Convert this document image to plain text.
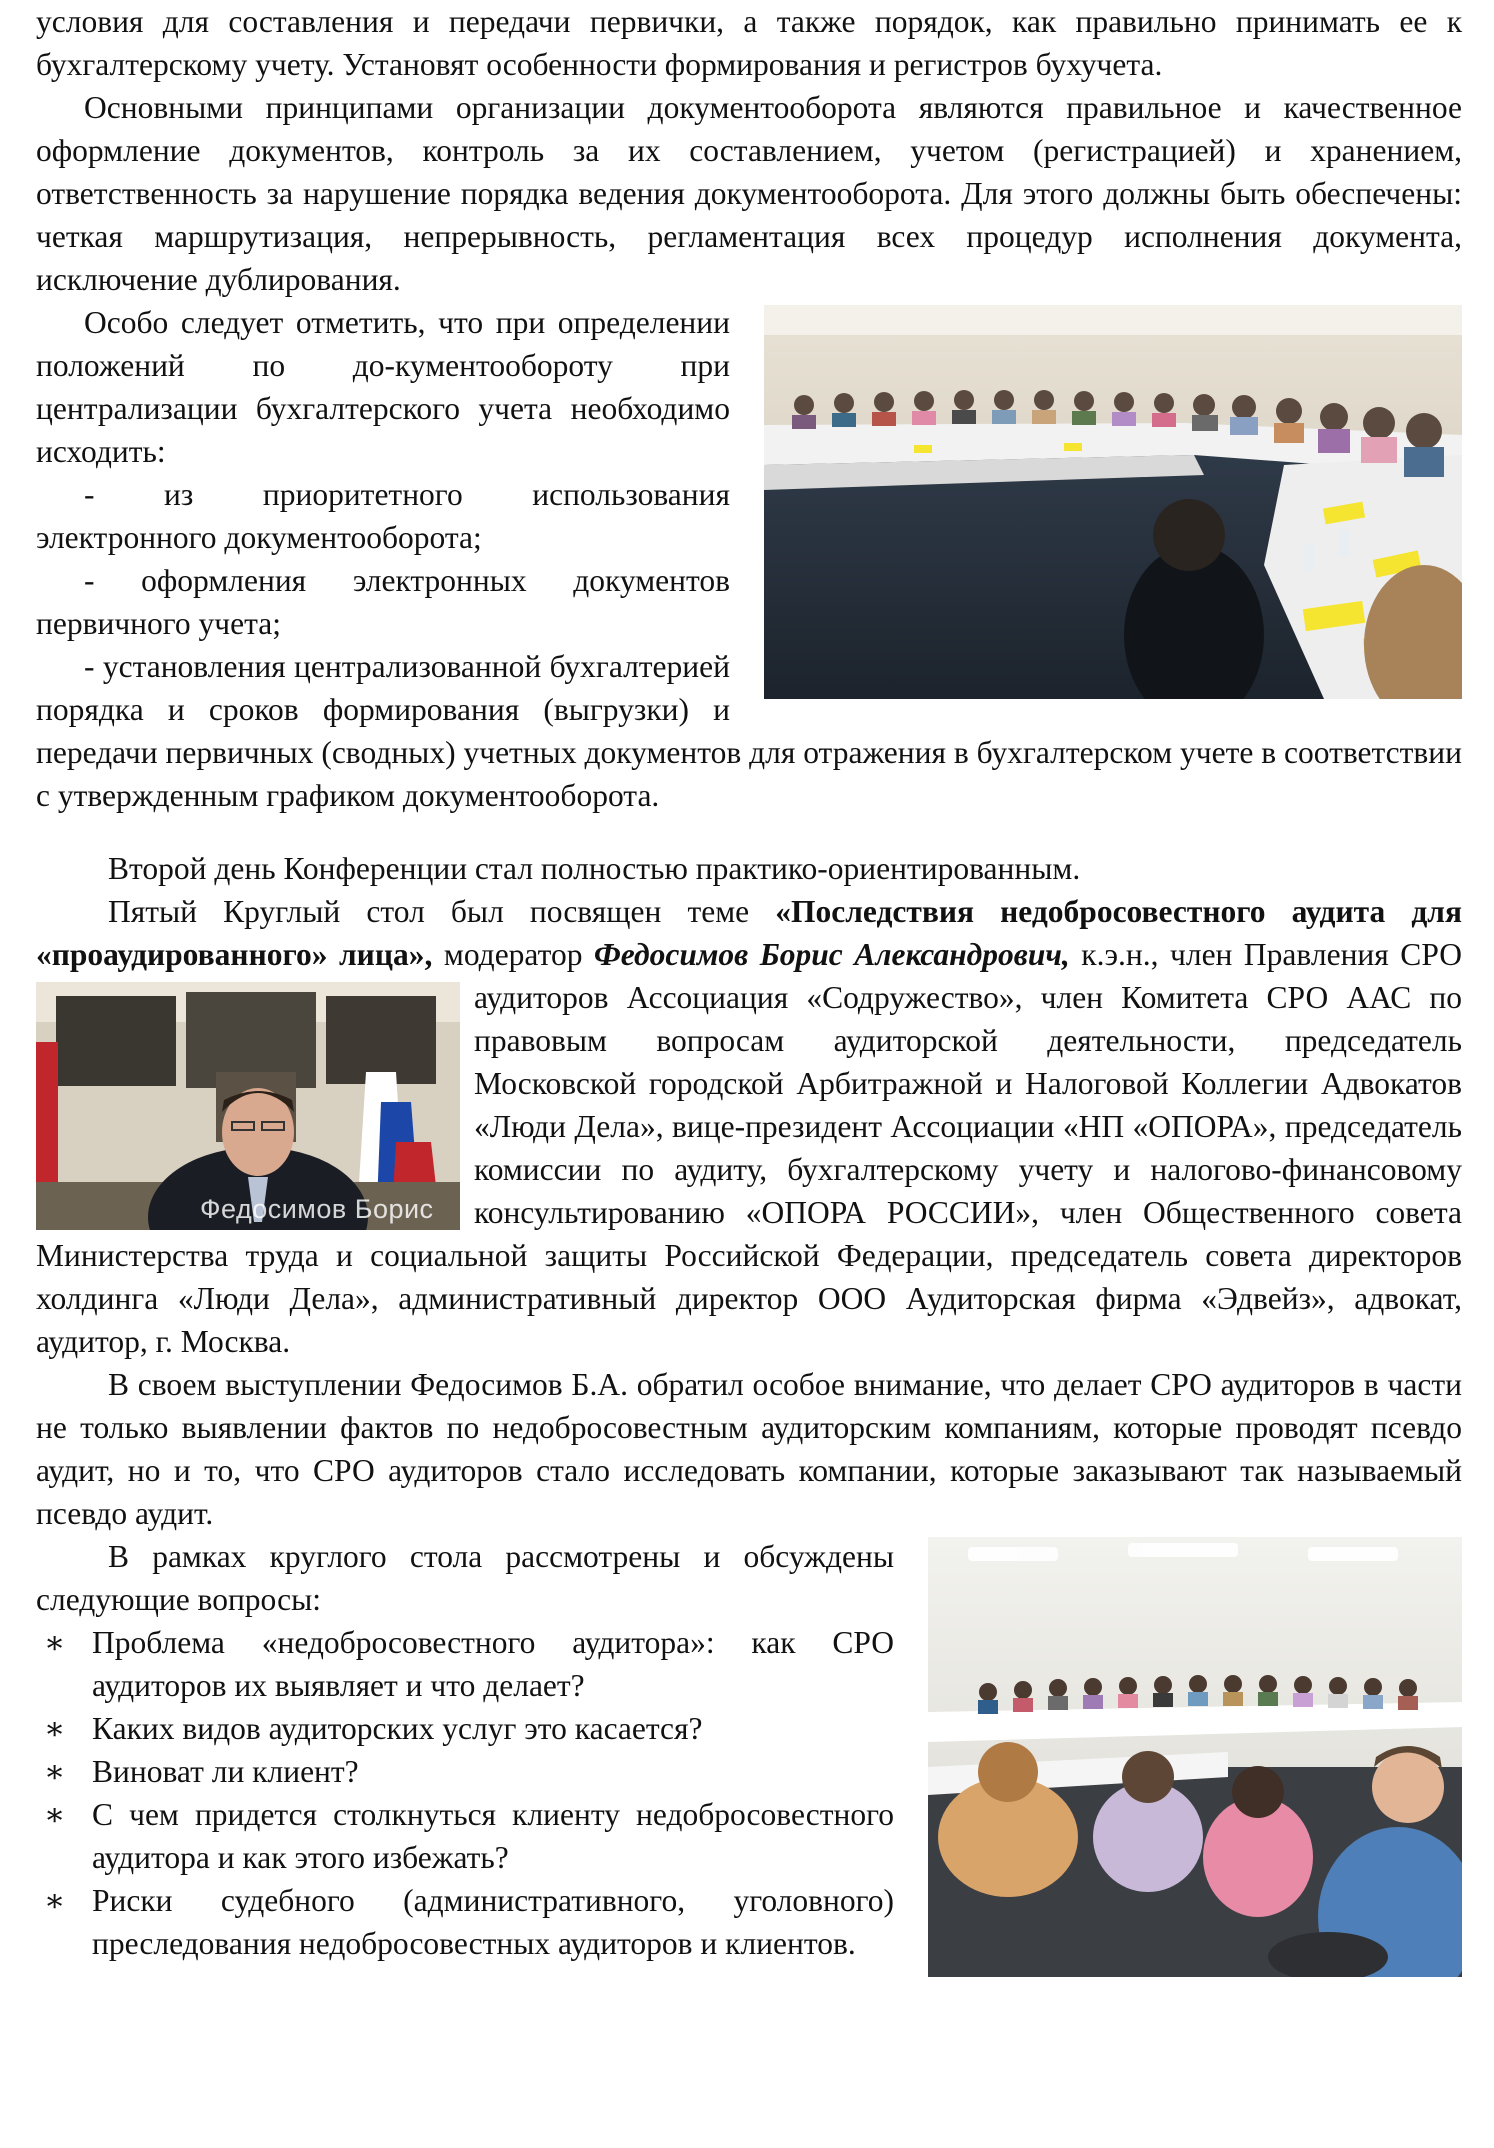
условия для составления и передачи первички, а также порядок, как правильно принимать ее к бухгалтерскому учету. Установят особенности формирования и регистров бухучета.

Основными принципами организации документооборота являются правильное и качественное оформление документов, контроль за их составлением, учетом (регистрацией) и хранением, ответственность за нарушение порядка ведения документооборота. Для этого должны быть обеспечены: четкая маршрутизация, непрерывность, регламентация всех процедур исполнения документа, исключение дублирования.

Особо следует отметить, что при определении положений по до-кументообороту при централизации бухгалтерского учета необходимо исходить:

- из приоритетного использования электронного документооборота;

- оформления электронных документов первичного учета;

- установления централизованной бухгалтерией порядка и сроков формирования (выгрузки) и передачи первичных (сводных) учетных документов для отражения в бухгалтерском учете в соответствии с утвержденным графиком документооборота.

Второй день Конференции стал полностью практико-ориентированным.

Пятый Круглый стол был посвящен теме «Последствия недобросовестного аудита для «проаудированного» лица», модератор Федосимов Борис Александрович,
Федосимов Борис
к.э.н., член Правления СРО аудиторов Ассоциация «Содружество», член Комитета СРО ААС по правовым вопросам аудиторской деятельности, председатель Московской городской Арбитражной и Налоговой Коллегии Адвокатов «Люди Дела», вице-президент Ассоциации «НП «ОПОРА», председатель комиссии по аудиту, бухгалтерскому учету и налогово-финансовому консультированию «ОПОРА РОССИИ», член Общественного совета Министерства труда и социальной защиты Российской Федерации, председатель совета директоров холдинга «Люди Дела», административный директор ООО Аудиторская фирма «Эдвейз», адвокат, аудитор, г. Москва.

В своем выступлении Федосимов Б.А. обратил особое внимание, что делает СРО аудиторов в части не только выявлении фактов по недобросовестным аудиторским компаниям, которые проводят псевдо аудит, но и то, что СРО аудиторов стало исследовать компании, которые заказывают так называемый псевдо аудит.

В рамках круглого стола рассмотрены и обсуждены следующие вопросы:

∗ Проблема «недобросовестного аудитора»: как СРО аудиторов их выявляет и что делает?
∗ Каких видов аудиторских услуг это касается?
∗ Виноват ли клиент?
∗ С чем придется столкнуться клиенту недобросовестного аудитора и как этого избежать?
∗ Риски судебного (административного, уголовного) преследования недобросовестных аудиторов и клиентов.
